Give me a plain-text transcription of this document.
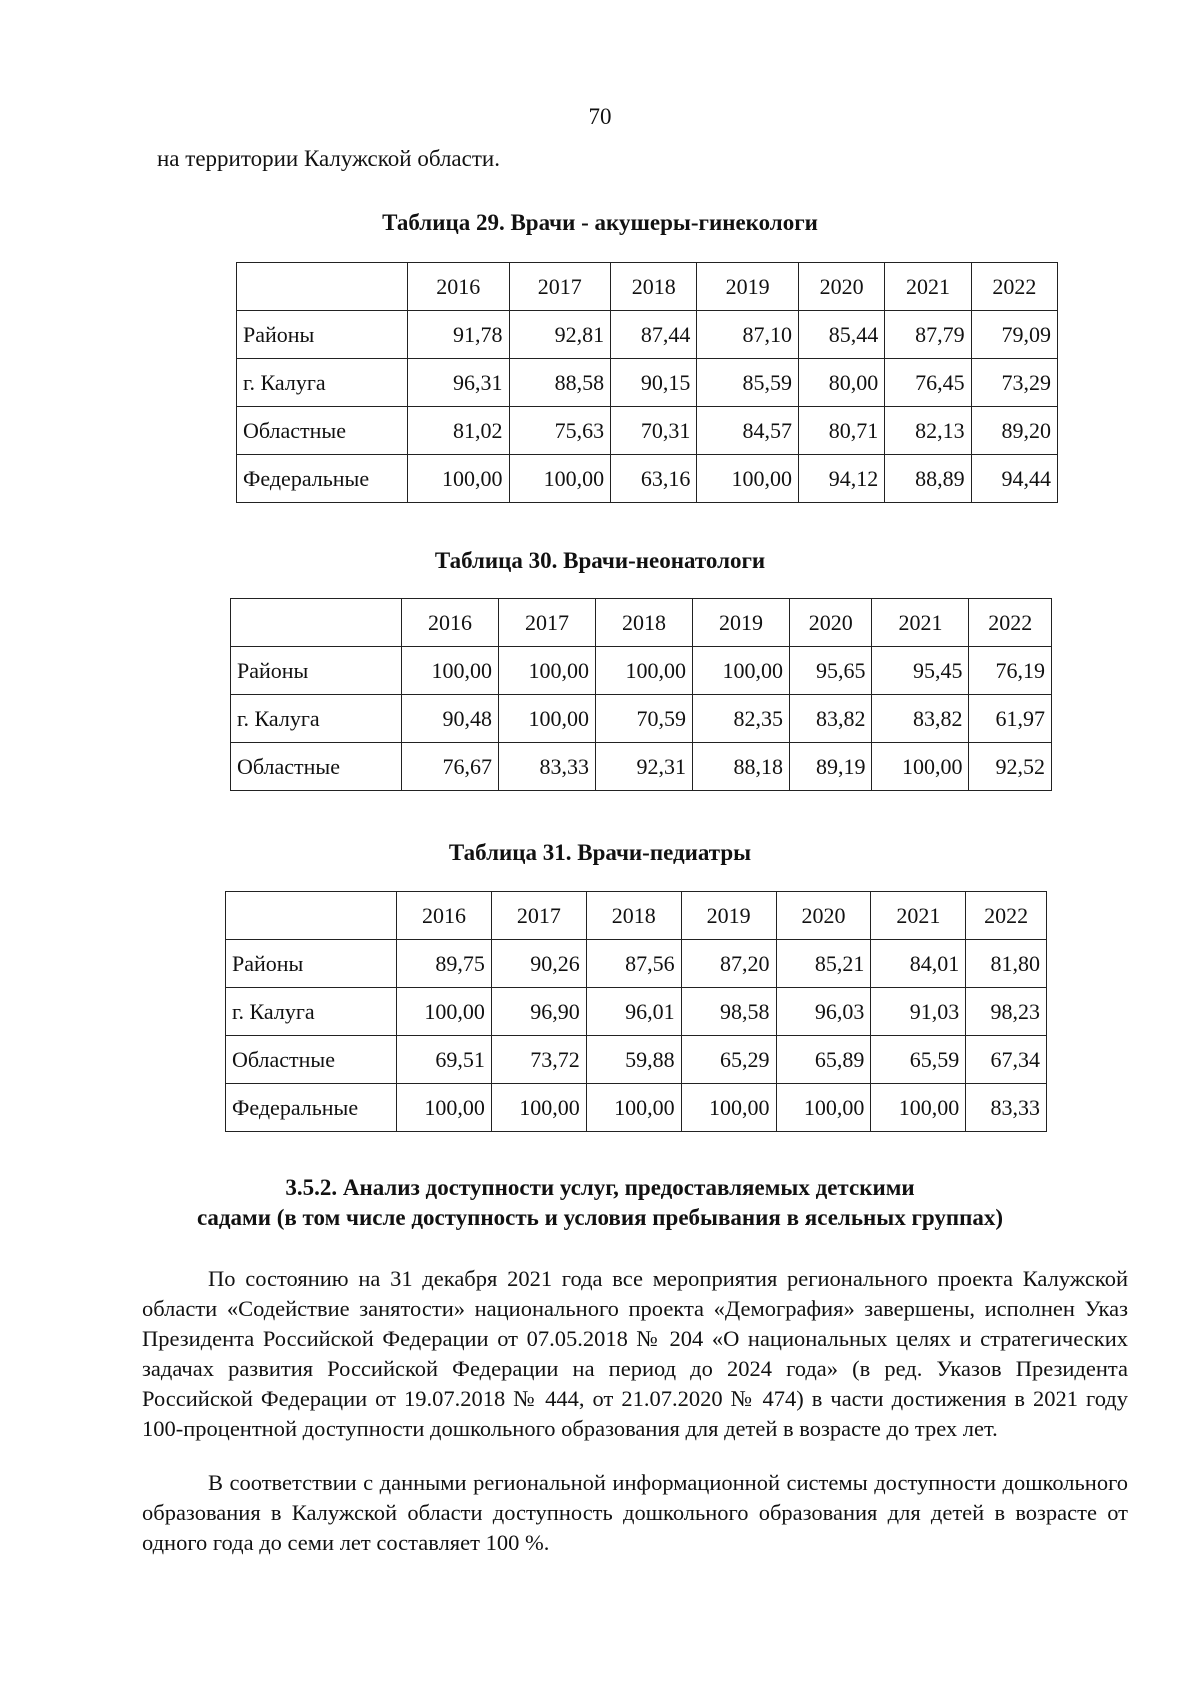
70
на территории Калужской области.
Таблица 29. Врачи - акушеры-гинекологи
	2016	2017	2018	2019	2020	2021	2022
Районы	91,78	92,81	87,44	87,10	85,44	87,79	79,09
г. Калуга	96,31	88,58	90,15	85,59	80,00	76,45	73,29
Областные	81,02	75,63	70,31	84,57	80,71	82,13	89,20
Федеральные	100,00	100,00	63,16	100,00	94,12	88,89	94,44
Таблица 30. Врачи-неонатологи
	2016	2017	2018	2019	2020	2021	2022
Районы	100,00	100,00	100,00	100,00	95,65	95,45	76,19
г. Калуга	90,48	100,00	70,59	82,35	83,82	83,82	61,97
Областные	76,67	83,33	92,31	88,18	89,19	100,00	92,52
Таблица 31. Врачи-педиатры
	2016	2017	2018	2019	2020	2021	2022
Районы	89,75	90,26	87,56	87,20	85,21	84,01	81,80
г. Калуга	100,00	96,90	96,01	98,58	96,03	91,03	98,23
Областные	69,51	73,72	59,88	65,29	65,89	65,59	67,34
Федеральные	100,00	100,00	100,00	100,00	100,00	100,00	83,33
3.5.2. Анализ доступности услуг, предоставляемых детскими
садами (в том числе доступность и условия пребывания в ясельных группах)
По состоянию на 31 декабря 2021 года все мероприятия регионального проекта Калужской области «Содействие занятости» национального проекта «Демография» завершены, исполнен Указ Президента Российской Федерации от 07.05.2018 № 204 «О национальных целях и стратегических задачах развития Российской Федерации на период до 2024 года» (в ред. Указов Президента Российской Федерации от 19.07.2018 № 444, от 21.07.2020 № 474) в части достижения в 2021 году 100-процентной доступности дошкольного образования для детей в возрасте до трех лет.
В соответствии с данными региональной информационной системы доступности дошкольного образования в Калужской области доступность дошкольного образования для детей в возрасте от одного года до семи лет составляет 100 %.
